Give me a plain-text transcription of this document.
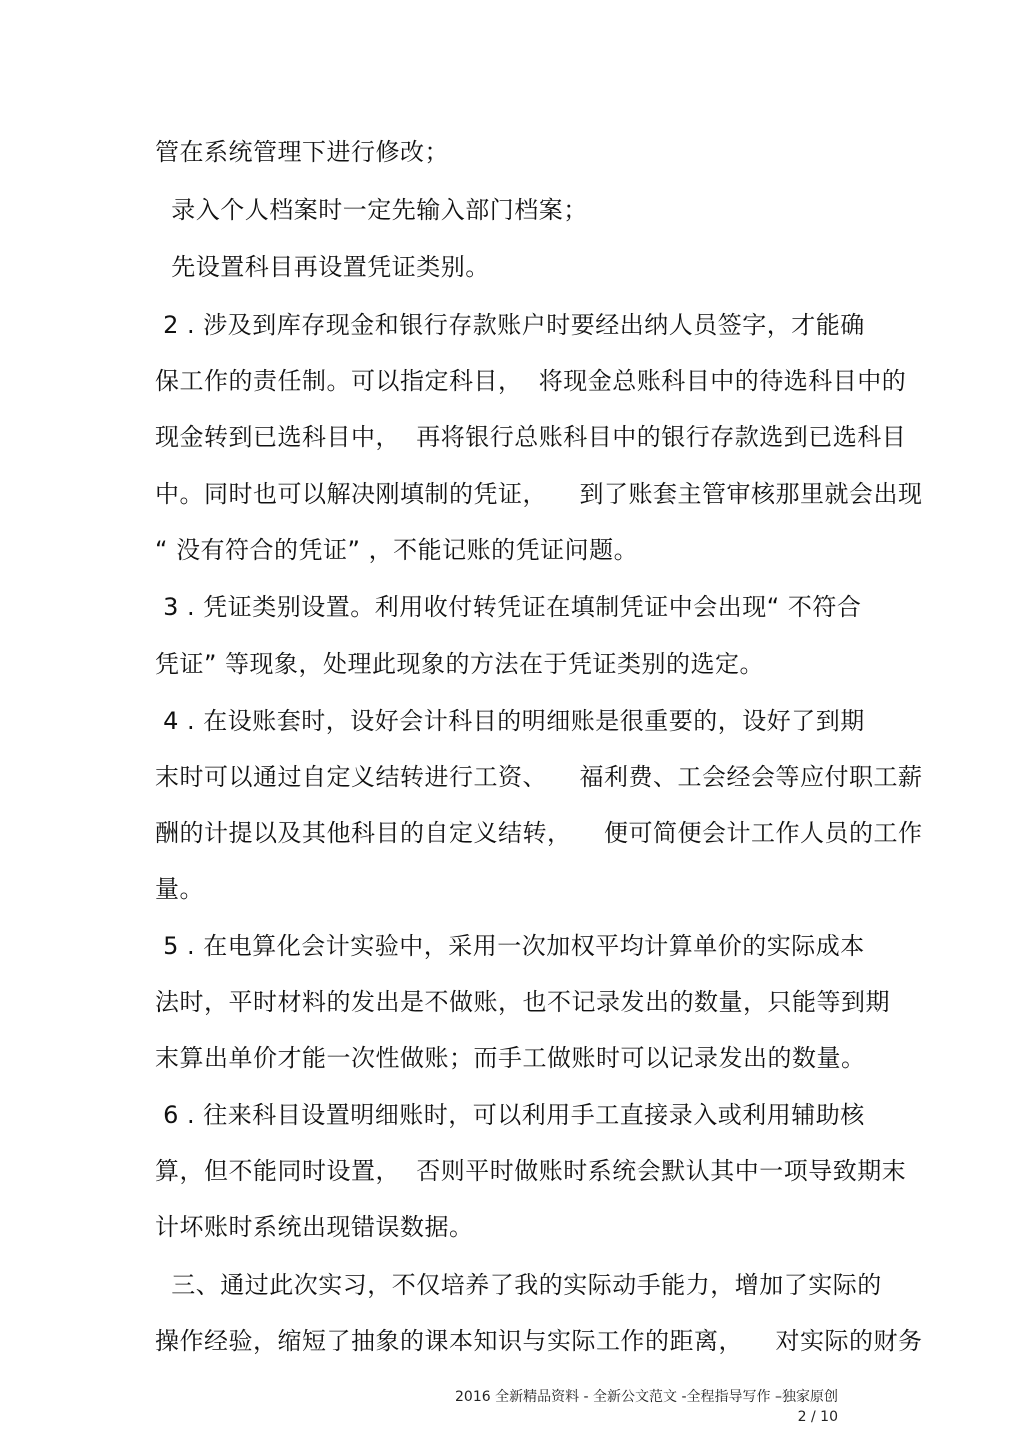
管在系统管理下进行修改；
录入个人档案时一定先输入部门档案；
先设置科目再设置凭证类别。
2 . 涉及到库存现金和银行存款账户时要经出纳人员签字，才能确
保工作的责任制。可以指定科目，  将现金总账科目中的待选科目中的
现金转到已选科目中，  再将银行总账科目中的银行存款选到已选科目
中。同时也可以解决刚填制的凭证，    到了账套主管审核那里就会出现
“ 没有符合的凭证” ，不能记账的凭证问题。
3 . 凭证类别设置。利用收付转凭证在填制凭证中会出现“ 不符合
凭证” 等现象，处理此现象的方法在于凭证类别的选定。
4 . 在设账套时，设好会计科目的明细账是很重要的，设好了到期
末时可以通过自定义结转进行工资、    福利费、工会经会等应付职工薪
酬的计提以及其他科目的自定义结转，    便可简便会计工作人员的工作
量。
5 . 在电算化会计实验中，采用一次加权平均计算单价的实际成本
法时，平时材料的发出是不做账，也不记录发出的数量，只能等到期
末算出单价才能一次性做账；而手工做账时可以记录发出的数量。
6 . 往来科目设置明细账时，可以利用手工直接录入或利用辅助核
算，但不能同时设置，  否则平时做账时系统会默认其中一项导致期末
计坏账时系统出现错误数据。
三、通过此次实习，不仅培养了我的实际动手能力，增加了实际的
操作经验，缩短了抽象的课本知识与实际工作的距离，    对实际的财务
2016 全新精品资料 - 全新公文范文 -全程指导写作 –独家原创
2 / 10
